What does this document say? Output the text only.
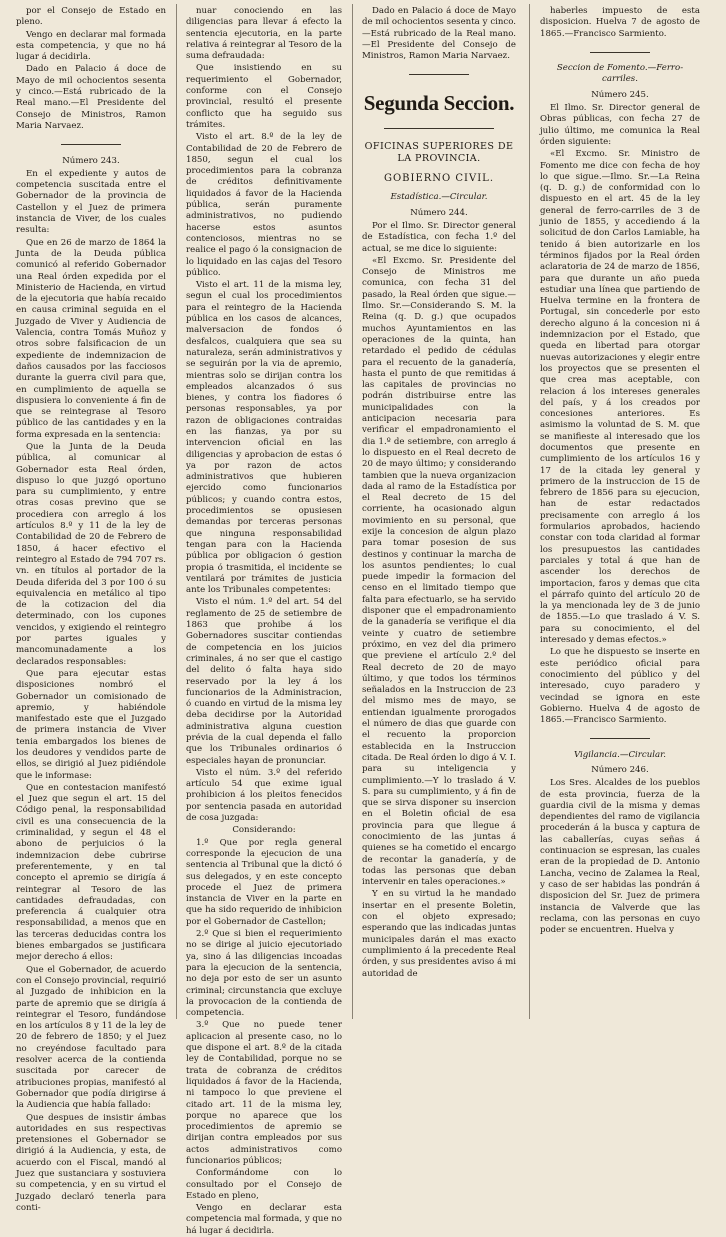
por el Consejo de Estado en pleno.

Vengo en declarar mal formada esta competencia, y que no há lugar á decidirla.

Dado en Palacio á doce de Mayo de mil ochocientos sesenta y cinco.—Está rubricado de la Real mano.—El Presidente del Consejo de Ministros, Ramon Maria Narvaez.

Número 243.

En el expediente y autos de competencia suscitada entre el Gobernador de la provincia de Castellon y el Juez de primera instancia de Viver, de los cuales resulta:

Que en 26 de marzo de 1864 la Junta de la Deuda pública comunicó al referido Gobernador una Real órden expedida por el Ministerio de Hacienda, en virtud de la ejecutoria que había recaido en causa criminal seguida en el Juzgado de Viver y Audiencia de Valencia, contra Tomás Muñoz y otros sobre falsificacion de un expediente de indemnizacion de daños causados por las facciosos durante la guerra civil para que, en cumplimiento de aquella se dispusiera lo conveniente á fin de que se reintegrase al Tesoro público de las cantidades y en la forma expresada en la sentencia:

Que la Junta de la Deuda pública, al comunicar al Gobernador esta Real órden, dispuso lo que juzgó oportuno para su cumplimiento, y entre otras cosas previno que se procediera con arreglo á los artículos 8.º y 11 de la ley de Contabilidad de 20 de Febrero de 1850, á hacer efectivo el reintegro al Estado de 794 707 rs. vn. en títulos al portador de la Deuda diferida del 3 por 100 ó su equivalencia en metálico al tipo de la cotizacion del dia determinado, con los cupones vencidos, y exigiendo el reintegro por partes iguales y mancomunadamente a los declarados responsables:

Que para ejecutar estas disposiciones nombró el Gobernador un comisionado de apremio, y habiéndole manifestado este que el Juzgado de primera instancia de Viver tenia embargados los bienes de los deudores y vendidos parte de ellos, se dirigió al Juez pidiéndole que le informase:

Que en contestacion manifestó el Juez que segun el art. 15 del Código penal, la responsabilidad civil es una consecuencia de la criminalidad, y segun el 48 el abono de perjuicios ó la indemnizacion debe cubrirse preferentemente, y en tal concepto el apremio se dirigía á reintegrar al Tesoro de las cantidades defraudadas, con preferencia á cualquier otra responsabilidad, a menos que en las terceras deducidas contra los bienes embargados se justificara mejor derecho á ellos:

Que el Gobernador, de acuerdo con el Consejo provincial, requirió al Juzgado de inhibicion en la parte de apremio que se dirigía á reintegrar el Tesoro, fundándose en los artículos 8 y 11 de la ley de 20 de febrero de 1850; y el Juez no creyéndose facultado para resolver acerca de la contienda suscitada por carecer de atribuciones propias, manifestó al Gobernador que podía dirigirse á la Audiencia que había fallado:

Que despues de insistir ámbas autoridades en sus respectivas pretensiones el Gobernador se dirigió á la Audiencia, y esta, de acuerdo con el Fiscal, mandó al Juez que sustanciara y sostuviera su competencia, y en su virtud el Juzgado declaró tenerla para conti-

nuar conociendo en las diligencias para llevar á efecto la sentencia ejecutoria, en la parte relativa á reintegrar al Tesoro de la suma defraudada:

Que insistiendo en su requerimiento el Gobernador, conforme con el Consejo provincial, resultó el presente conflicto que ha seguido sus trámites.

Visto el art. 8.º de la ley de Contabilidad de 20 de Febrero de 1850, segun el cual los procedimientos para la cobranza de créditos definitivamente liquidados á favor de la Hacienda pública, serán puramente administrativos, no pudiendo hacerse estos asuntos contenciosos, mientras no se realice el pago ó la consignacion de lo liquidado en las cajas del Tesoro público.

Visto el art. 11 de la misma ley, segun el cual los procedimientos para el reintegro de la Hacienda pública en los casos de alcances, malversacion de fondos ó desfalcos, cualquiera que sea su naturaleza, serán administrativos y se seguirán por la via de apremio, mientras solo se dirijan contra los empleados alcanzados ó sus bienes, y contra los fiadores ó personas responsables, ya por razon de obligaciones contraidas en las fianzas, ya por su intervencion oficial en las diligencias y aprobacion de estas ó ya por razon de actos administrativos que hubieren ejercido como funcionarios públicos; y cuando contra estos, procedimientos se opusiesen demandas por terceras personas que ninguna responsabilidad tengan para con la Hacienda pública por obligacion ó gestion propia ó trasmitida, el incidente se ventilará por trámites de justicia ante los Tribunales competentes:

Visto el núm. 1.º del art. 54 del reglamento de 25 de setiembre de 1863 que prohibe á los Gobernadores suscitar contiendas de competencia en los juicios criminales, á no ser que el castigo del delito ó falta haya sido reservado por la ley á los funcionarios de la Administracion, ó cuando en virtud de la misma ley deba decidirse por la Autoridad administrativa alguna cuestion prévia de la cual dependa el fallo que los Tribunales ordinarios ó especiales hayan de pronunciar.

Visto el núm. 3.º del referido artículo 54 que exime igual prohibicion á los pleitos fenecidos por sentencia pasada en autoridad de cosa juzgada:

Considerando:

1.º Que por regla general corresponde la ejecucion de una sentencia al Tribunal que la dictó ó sus delegados, y en este concepto procede el Juez de primera instancia de Viver en la parte en que ha sido requerido de inhibicion por el Gobernador de Castellon;

2.º Que si bien el requerimiento no se dirige al juicio ejecutoriado ya, sino á las diligencias incoadas para la ejecucion de la sentencia, no deja por esto de ser un asunto criminal; circunstancia que excluye la provocacion de la contienda de competencia.

3.º Que no puede tener aplicacion al presente caso, no lo que dispone el art. 8.º de la citada ley de Contabilidad, porque no se trata de cobranza de créditos liquidados á favor de la Hacienda, ni tampoco lo que previene el citado art. 11 de la misma ley, porque no aparece que los procedimientos de apremio se dirijan contra empleados por sus actos administrativos como funcionarios públicos;

Conformándome con lo consultado por el Consejo de Estado en pleno,

Vengo en declarar esta competencia mal formada, y que no há lugar á decidirla.

Dado en Palacio á doce de Mayo de mil ochocientos sesenta y cinco.—Está rubricado de la Real mano.—El Presidente del Consejo de Ministros, Ramon Maria Narvaez.

Segunda Seccion.
OFICINAS SUPERIORES DE LA PROVINCIA.
GOBIERNO CIVIL.
Estadística.—Circular.
Número 244.

Por el Ilmo. Sr. Director general de Estadística, con fecha 1.º del actual, se me dice lo siguiente:

«El Excmo. Sr. Presidente del Consejo de Ministros me comunica, con fecha 31 del pasado, la Real órden que sigue.—Ilmo. Sr.—Considerando S. M. la Reina (q. D. g.) que ocupados muchos Ayuntamientos en las operaciones de la quinta, han retardado el pedido de cédulas para el recuento de la ganadería, hasta el punto de que remitidas á las capitales de provincias no podrán distribuirse entre las municipalidades con la anticipacion necesaria para verificar el empadronamiento el dia 1.º de setiembre, con arreglo á lo dispuesto en el Real decreto de 20 de mayo último; y considerando tambien que la nueva organizacion dada al ramo de la Estadística por el Real decreto de 15 del corriente, ha ocasionado algun movimiento en su personal, que exije la concesion de algun plazo para tomar posesion de sus destinos y continuar la marcha de los asuntos pendientes; lo cual puede impedir la formacion del censo en el limitado tiempo que falta para efectuarlo, se ha servido disponer que el empadronamiento de la ganadería se verifique el dia veinte y cuatro de setiembre próximo, en vez del dia primero que previene el artículo 2.º del Real decreto de 20 de mayo último, y que todos los términos señalados en la Instruccion de 23 del mismo mes de mayo, se entiendan igualmente prorogados el número de dias que guarde con el recuento la proporcion establecida en la Instruccion citada. De Real órden lo digo á V. I. para su inteligencia y cumplimiento.—Y lo traslado á V. S. para su cumplimiento, y á fin de que se sirva disponer su insercion en el Boletin oficial de esa provincia para que llegue á conocimiento de las juntas á quienes se ha cometido el encargo de recontar la ganadería, y de todas las personas que deban intervenir en tales operaciones.»

Y en su virtud la he mandado insertar en el presente Boletin, con el objeto expresado; esperando que las indicadas juntas municipales darán el mas exacto cumplimiento á la precedente Real órden, y sus presidentes aviso á mi autoridad de

haberles impuesto de esta disposicion. Huelva 7 de agosto de 1865.—Francisco Sarmiento.

Seccion de Fomento.—Ferro-carriles.
Número 245.

El Ilmo. Sr. Director general de Obras públicas, con fecha 27 de julio último, me comunica la Real órden siguiente:

«El Excmo. Sr. Ministro de Fomento me dice con fecha de hoy lo que sigue.—Ilmo. Sr.—La Reina (q. D. g.) de conformidad con lo dispuesto en el art. 45 de la ley general de ferro-carriles de 3 de junio de 1855, y accediendo á la solicitud de don Carlos Lamiable, ha tenido á bien autorizarle en los términos fijados por la Real órden aclaratoria de 24 de marzo de 1856, para que durante un año pueda estudiar una línea que partiendo de Huelva termine en la frontera de Portugal, sin concederle por esto derecho alguno á la concesion ni á indemnizacion por el Estado, que queda en libertad para otorgar nuevas autorizaciones y elegir entre los proyectos que se presenten el que crea mas aceptable, con relacion á los intereses generales del país, y á los creados por concesiones anteriores. Es asimismo la voluntad de S. M. que se manifieste al interesado que los documentos que presente en cumplimiento de los artículos 16 y 17 de la citada ley general y primero de la instruccion de 15 de febrero de 1856 para su ejecucion, han de estar redactados precisamente con arreglo á los formularios aprobados, haciendo constar con toda claridad al formar los presupuestos las cantidades parciales y total á que han de ascender los derechos de importacion, faros y demas que cita el párrafo quinto del artículo 20 de la ya mencionada ley de 3 de junio de 1855.—Lo que traslado á V. S. para su conocimiento, el del interesado y demas efectos.»

Lo que he dispuesto se inserte en este periódico oficial para conocimiento del público y del interesado, cuyo paradero y vecindad se ignora en este Gobierno. Huelva 4 de agosto de 1865.—Francisco Sarmiento.

Vigilancia.—Circular.
Número 246.

Los Sres. Alcaldes de los pueblos de esta provincia, fuerza de la guardia civil de la misma y demas dependientes del ramo de vigilancia procederán á la busca y captura de las caballerías, cuyas señas á continuacion se espresan, las cuales eran de la propiedad de D. Antonio Lancha, vecino de Zalamea la Real, y caso de ser habidas las pondrán á disposicion del Sr. Juez de primera instancia de Valverde que las reclama, con las personas en cuyo poder se encuentren. Huelva y
